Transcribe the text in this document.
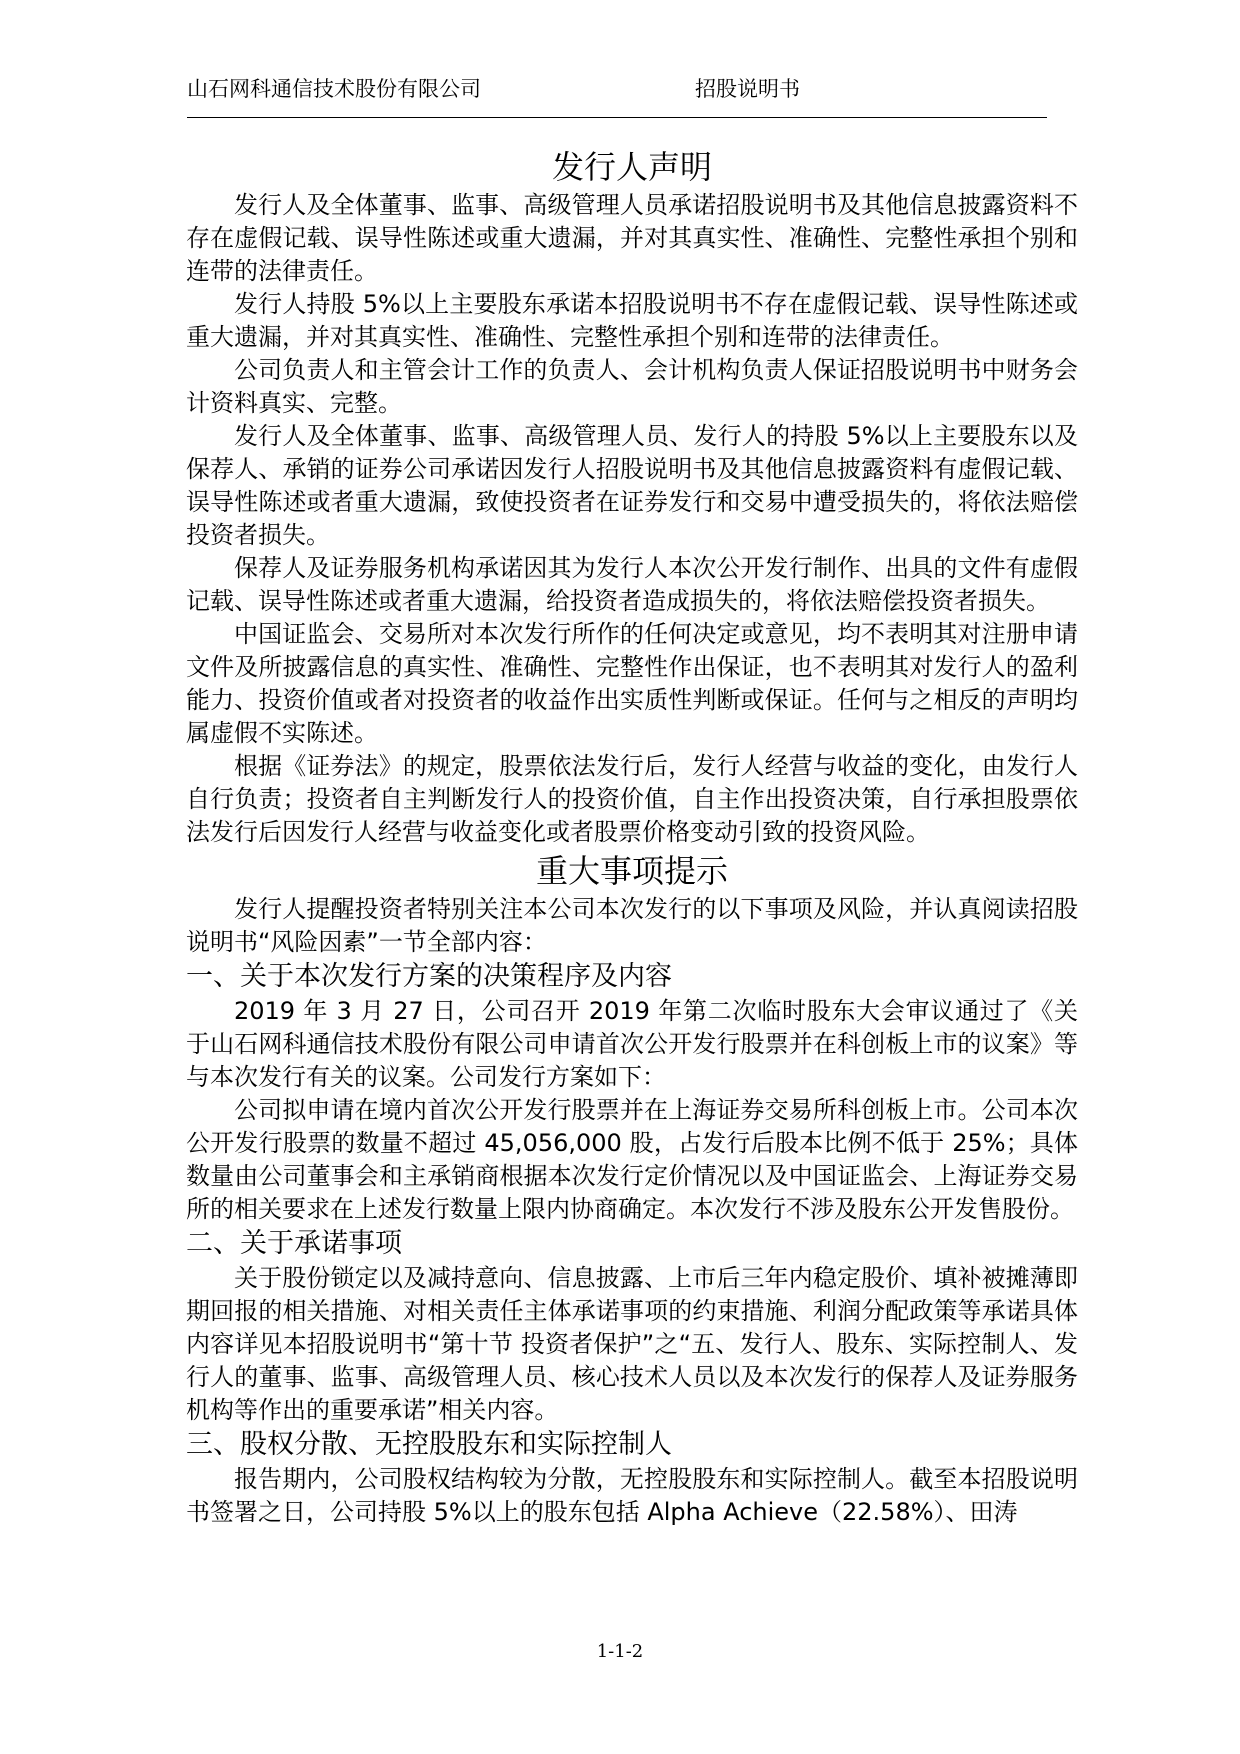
山石网科通信技术股份有限公司	招股说明书
发行人声明

发行人及全体董事、监事、高级管理人员承诺招股说明书及其他信息披露资料不存在虚假记载、误导性陈述或重大遗漏，并对其真实性、准确性、完整性承担个别和连带的法律责任。

发行人持股 5%以上主要股东承诺本招股说明书不存在虚假记载、误导性陈述或重大遗漏，并对其真实性、准确性、完整性承担个别和连带的法律责任。

公司负责人和主管会计工作的负责人、会计机构负责人保证招股说明书中财务会计资料真实、完整。

发行人及全体董事、监事、高级管理人员、发行人的持股 5%以上主要股东以及保荐人、承销的证券公司承诺因发行人招股说明书及其他信息披露资料有虚假记载、误导性陈述或者重大遗漏，致使投资者在证券发行和交易中遭受损失的，将依法赔偿投资者损失。

保荐人及证券服务机构承诺因其为发行人本次公开发行制作、出具的文件有虚假记载、误导性陈述或者重大遗漏，给投资者造成损失的，将依法赔偿投资者损失。

中国证监会、交易所对本次发行所作的任何决定或意见，均不表明其对注册申请文件及所披露信息的真实性、准确性、完整性作出保证，也不表明其对发行人的盈利能力、投资价值或者对投资者的收益作出实质性判断或保证。任何与之相反的声明均属虚假不实陈述。

根据《证券法》的规定，股票依法发行后，发行人经营与收益的变化，由发行人自行负责；投资者自主判断发行人的投资价值，自主作出投资决策，自行承担股票依法发行后因发行人经营与收益变化或者股票价格变动引致的投资风险。

重大事项提示

发行人提醒投资者特别关注本公司本次发行的以下事项及风险，并认真阅读招股说明书“风险因素”一节全部内容：

一、关于本次发行方案的决策程序及内容

2019 年 3 月 27 日，公司召开 2019 年第二次临时股东大会审议通过了《关于山石网科通信技术股份有限公司申请首次公开发行股票并在科创板上市的议案》等与本次发行有关的议案。公司发行方案如下：

公司拟申请在境内首次公开发行股票并在上海证券交易所科创板上市。公司本次公开发行股票的数量不超过 45,056,000 股，占发行后股本比例不低于 25%；具体数量由公司董事会和主承销商根据本次发行定价情况以及中国证监会、上海证券交易所的相关要求在上述发行数量上限内协商确定。本次发行不涉及股东公开发售股份。

二、关于承诺事项

关于股份锁定以及减持意向、信息披露、上市后三年内稳定股价、填补被摊薄即期回报的相关措施、对相关责任主体承诺事项的约束措施、利润分配政策等承诺具体内容详见本招股说明书“第十节 投资者保护”之“五、发行人、股东、实际控制人、发行人的董事、监事、高级管理人员、核心技术人员以及本次发行的保荐人及证券服务机构等作出的重要承诺”相关内容。

三、股权分散、无控股股东和实际控制人

报告期内，公司股权结构较为分散，无控股股东和实际控制人。截至本招股说明书签署之日，公司持股 5%以上的股东包括 Alpha Achieve（22.58%）、田涛

1-1-2
